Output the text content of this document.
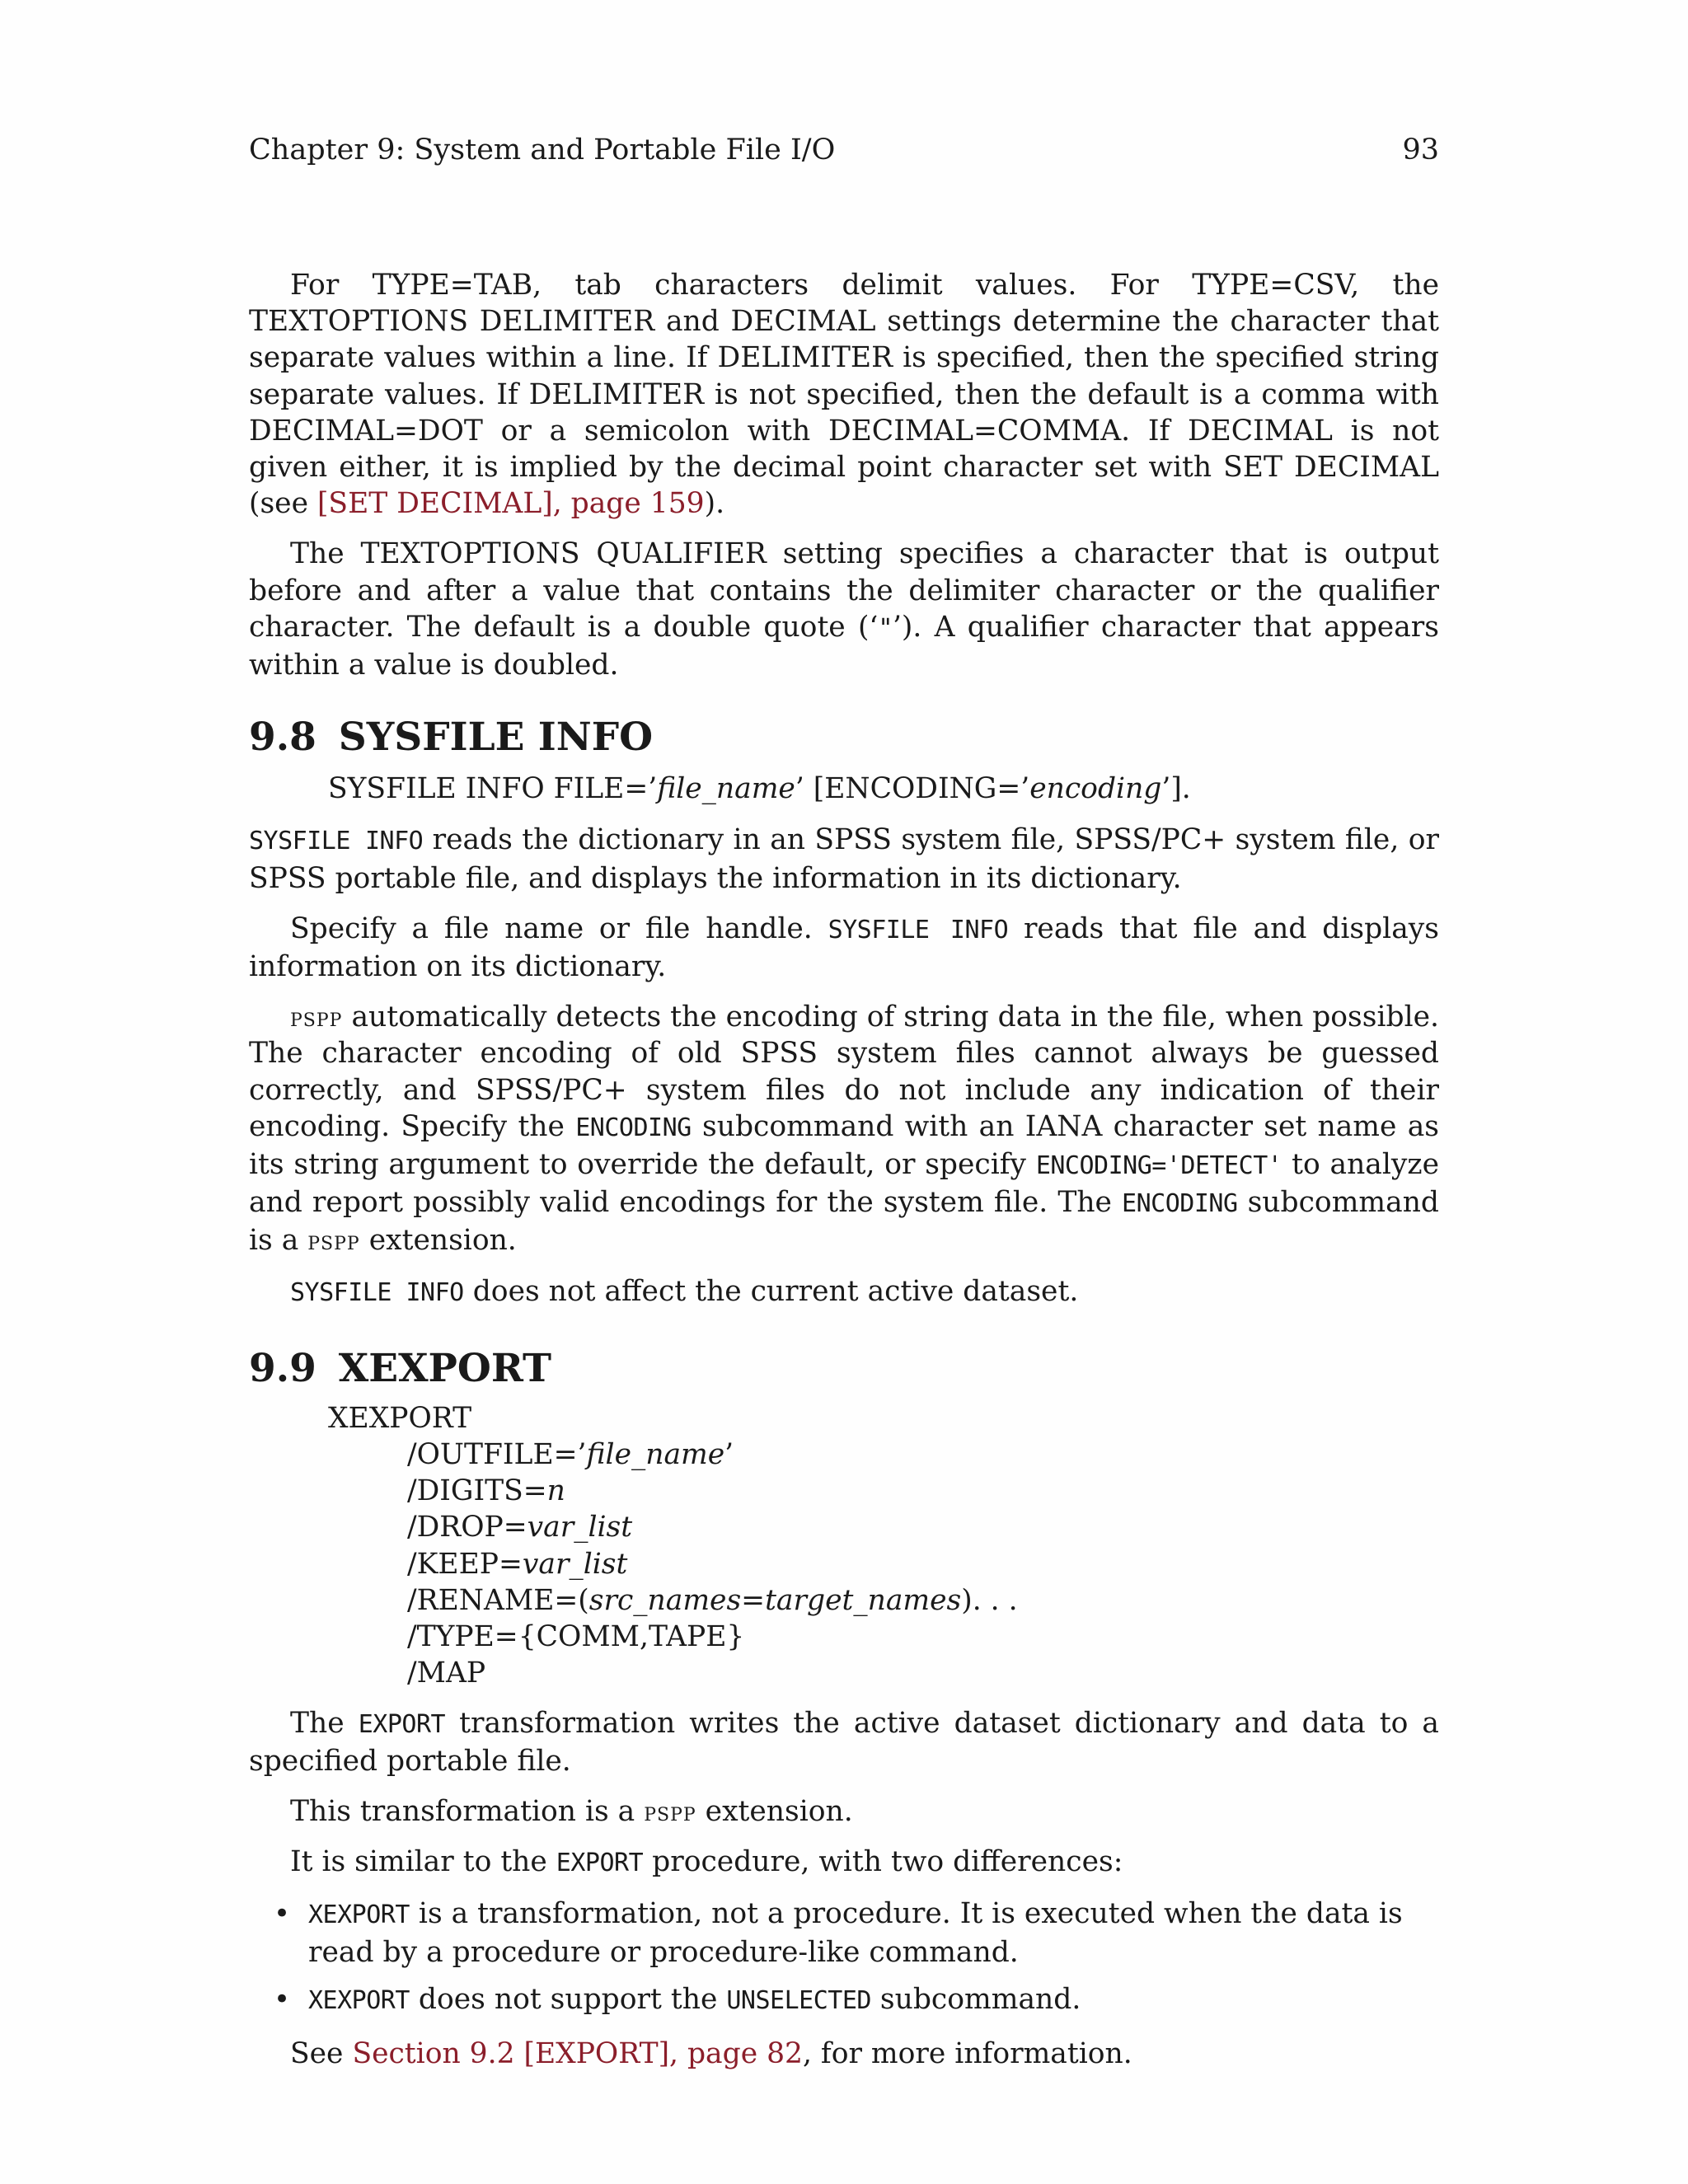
Chapter 9: System and Portable File I/O	93

For TYPE=TAB, tab characters delimit values. For TYPE=CSV, the TEXTOPTIONS DELIMITER and DECIMAL settings determine the character that separate values within a line. If DELIMITER is specified, then the specified string separate values. If DELIMITER is not specified, then the default is a comma with DECIMAL=DOT or a semicolon with DECIMAL=COMMA. If DECIMAL is not given either, it is implied by the decimal point character set with SET DECIMAL (see [SET DECIMAL], page 159).

The TEXTOPTIONS QUALIFIER setting specifies a character that is output before and after a value that contains the delimiter character or the qualifier character. The default is a double quote (‘"’). A qualifier character that appears within a value is doubled.

9.8 SYSFILE INFO
SYSFILE INFO FILE=’file_name’ [ENCODING=’encoding’].

SYSFILE INFO reads the dictionary in an SPSS system file, SPSS/PC+ system file, or SPSS portable file, and displays the information in its dictionary.

Specify a file name or file handle. SYSFILE INFO reads that file and displays information on its dictionary.

pspp automatically detects the encoding of string data in the file, when possible. The character encoding of old SPSS system files cannot always be guessed correctly, and SPSS/PC+ system files do not include any indication of their encoding. Specify the ENCODING subcommand with an IANA character set name as its string argument to override the default, or specify ENCODING='DETECT' to analyze and report possibly valid encodings for the system file. The ENCODING subcommand is a pspp extension.

SYSFILE INFO does not affect the current active dataset.

9.9 XEXPORT
XEXPORT
/OUTFILE=’file_name’
/DIGITS=n
/DROP=var_list
/KEEP=var_list
/RENAME=(src_names=target_names). . .
/TYPE={COMM,TAPE}
/MAP

The EXPORT transformation writes the active dataset dictionary and data to a specified portable file.

This transformation is a pspp extension.

It is similar to the EXPORT procedure, with two differences:

• XEXPORT is a transformation, not a procedure. It is executed when the data is read by a procedure or procedure-like command.
• XEXPORT does not support the UNSELECTED subcommand.

See Section 9.2 [EXPORT], page 82, for more information.
